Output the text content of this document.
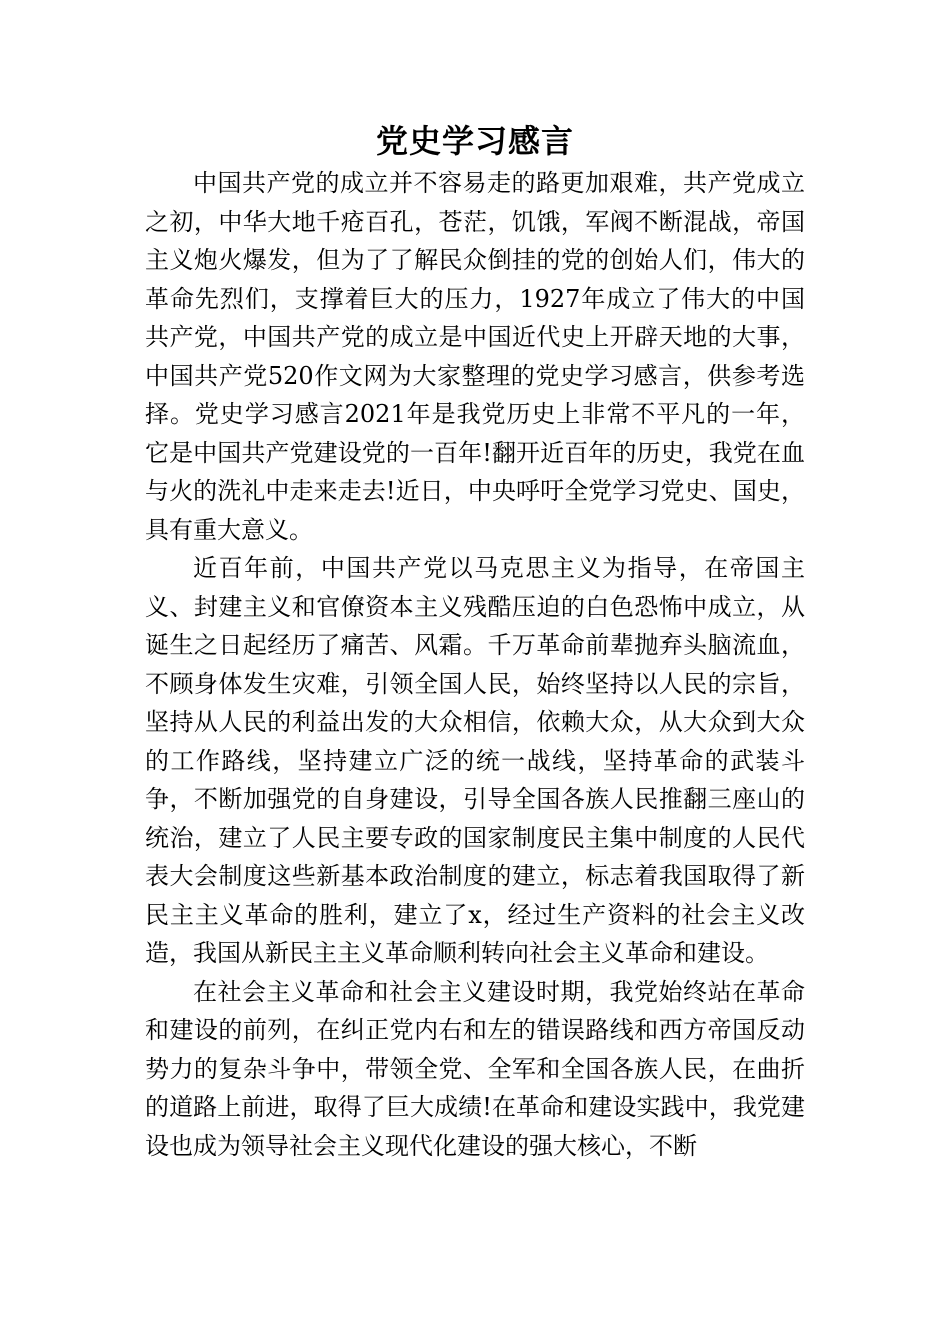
党史学习感言

中国共产党的成立并不容易走的路更加艰难，共产党成立之初，中华大地千疮百孔，苍茫，饥饿，军阀不断混战，帝国主义炮火爆发，但为了了解民众倒挂的党的创始人们，伟大的革命先烈们，支撑着巨大的压力，1927年成立了伟大的中国共产党，中国共产党的成立是中国近代史上开辟天地的大事，中国共产党520作文网为大家整理的党史学习感言，供参考选择。党史学习感言2021年是我党历史上非常不平凡的一年，它是中国共产党建设党的一百年!翻开近百年的历史，我党在血与火的洗礼中走来走去!近日，中央呼吁全党学习党史、国史，具有重大意义。

近百年前，中国共产党以马克思主义为指导，在帝国主义、封建主义和官僚资本主义残酷压迫的白色恐怖中成立，从诞生之日起经历了痛苦、风霜。千万革命前辈抛弃头脑流血，不顾身体发生灾难，引领全国人民，始终坚持以人民的宗旨，坚持从人民的利益出发的大众相信，依赖大众，从大众到大众的工作路线，坚持建立广泛的统一战线，坚持革命的武装斗争，不断加强党的自身建设，引导全国各族人民推翻三座山的统治，建立了人民主要专政的国家制度民主集中制度的人民代表大会制度这些新基本政治制度的建立，标志着我国取得了新民主主义革命的胜利，建立了x，经过生产资料的社会主义改造，我国从新民主主义革命顺利转向社会主义革命和建设。

在社会主义革命和社会主义建设时期，我党始终站在革命和建设的前列，在纠正党内右和左的错误路线和西方帝国反动势力的复杂斗争中，带领全党、全军和全国各族人民，在曲折的道路上前进，取得了巨大成绩!在革命和建设实践中，我党建设也成为领导社会主义现代化建设的强大核心，不断
